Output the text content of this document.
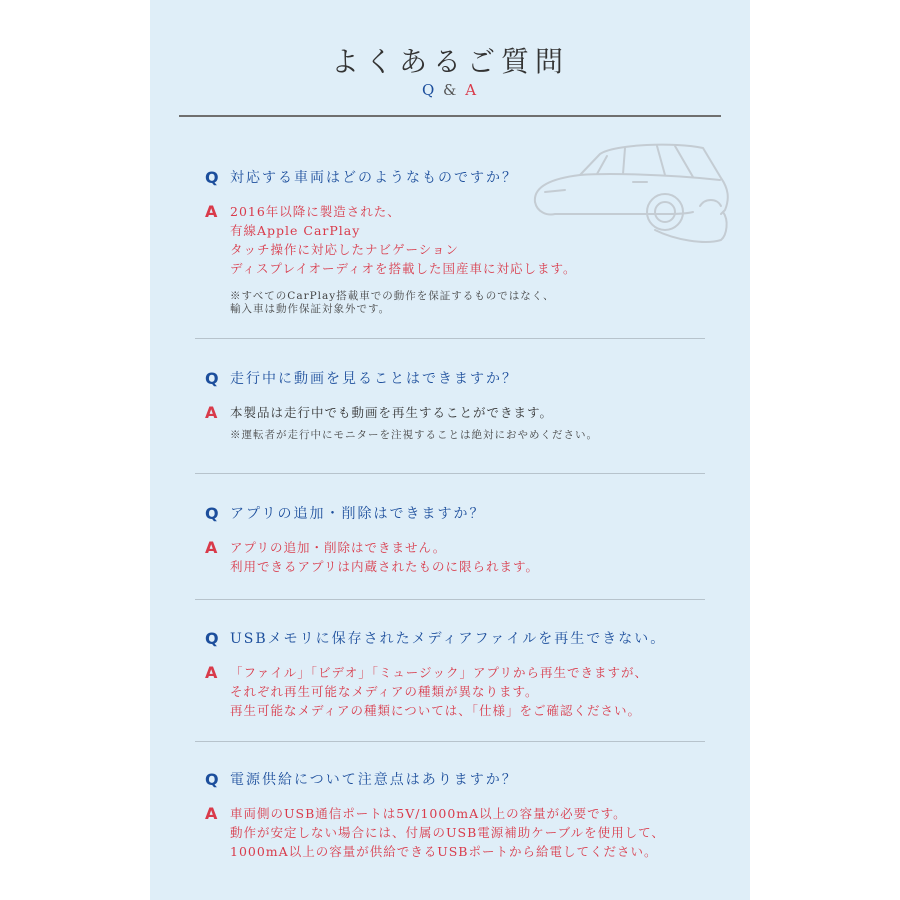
よくあるご質問
Q & A
Q 対応する車両はどのようなものですか？
A	2016年以降に製造された、
有線Apple CarPlay
タッチ操作に対応したナビゲーション
ディスプレイオーディオを搭載した国産車に対応します。
※すべてのCarPlay搭載車での動作を保証するものではなく、
輸入車は動作保証対象外です。
Q 走行中に動画を見ることはできますか？
A	本製品は走行中でも動画を再生することができます。
※運転者が走行中にモニターを注視することは絶対におやめください。
Q アプリの追加・削除はできますか？
A	アプリの追加・削除はできません。
利用できるアプリは内蔵されたものに限られます。
Q USBメモリに保存されたメディアファイルを再生できない。
A	「ファイル」「ビデオ」「ミュージック」アプリから再生できますが、
それぞれ再生可能なメディアの種類が異なります。
再生可能なメディアの種類については、「仕様」をご確認ください。
Q 電源供給について注意点はありますか？
A	車両側のUSB通信ポートは5V/1000mA以上の容量が必要です。
動作が安定しない場合には、付属のUSB電源補助ケーブルを使用して、
1000mA以上の容量が供給できるUSBポートから給電してください。
